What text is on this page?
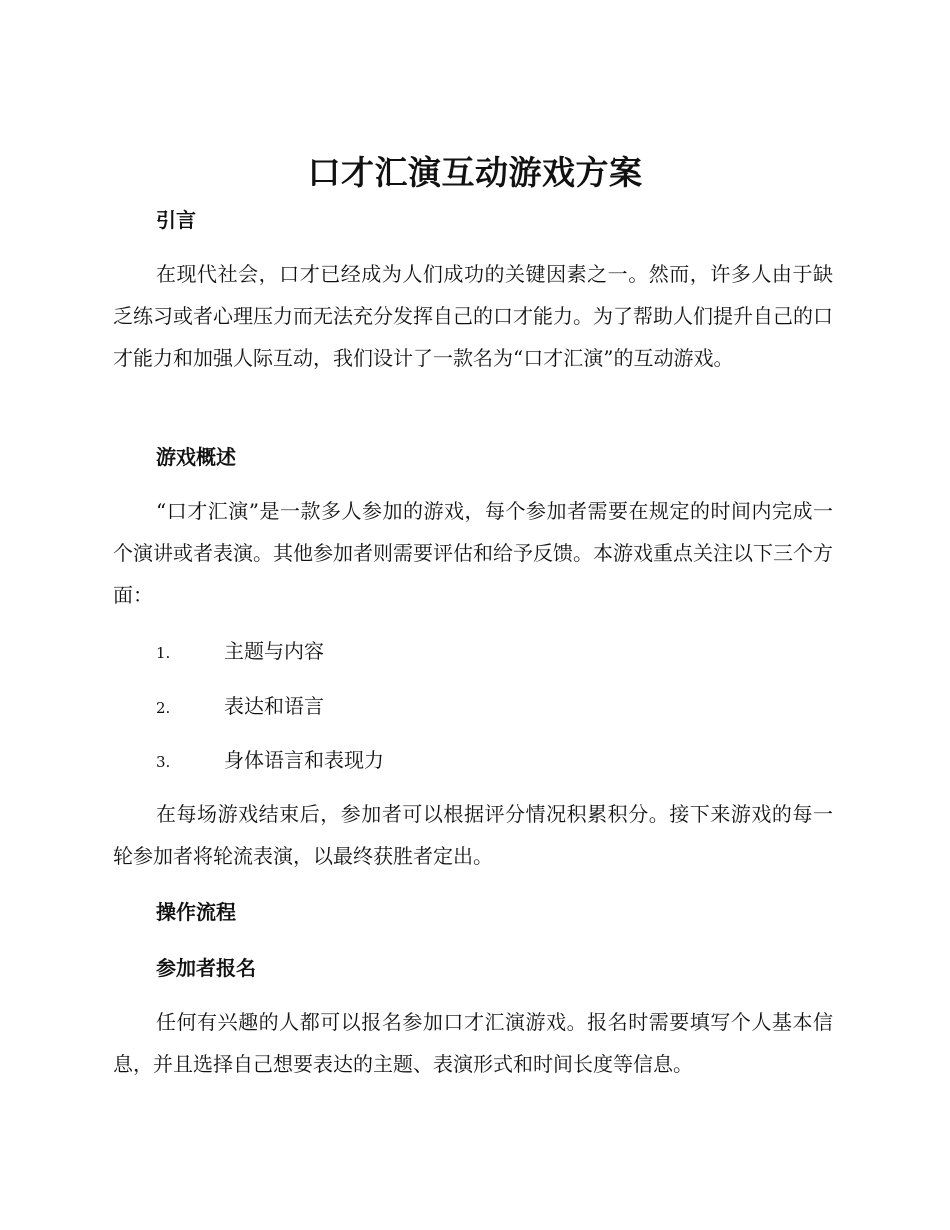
口才汇演互动游戏方案
引言

在现代社会，口才已经成为人们成功的关键因素之一。然而，许多人由于缺乏练习或者心理压力而无法充分发挥自己的口才能力。为了帮助人们提升自己的口才能力和加强人际互动，我们设计了一款名为“口才汇演”的互动游戏。

游戏概述

“口才汇演”是一款多人参加的游戏，每个参加者需要在规定的时间内完成一个演讲或者表演。其他参加者则需要评估和给予反馈。本游戏重点关注以下三个方面：

1.	主题与内容
2.	表达和语言
3.	身体语言和表现力

在每场游戏结束后，参加者可以根据评分情况积累积分。接下来游戏的每一轮参加者将轮流表演，以最终获胜者定出。

操作流程
参加者报名

任何有兴趣的人都可以报名参加口才汇演游戏。报名时需要填写个人基本信息，并且选择自己想要表达的主题、表演形式和时间长度等信息。
